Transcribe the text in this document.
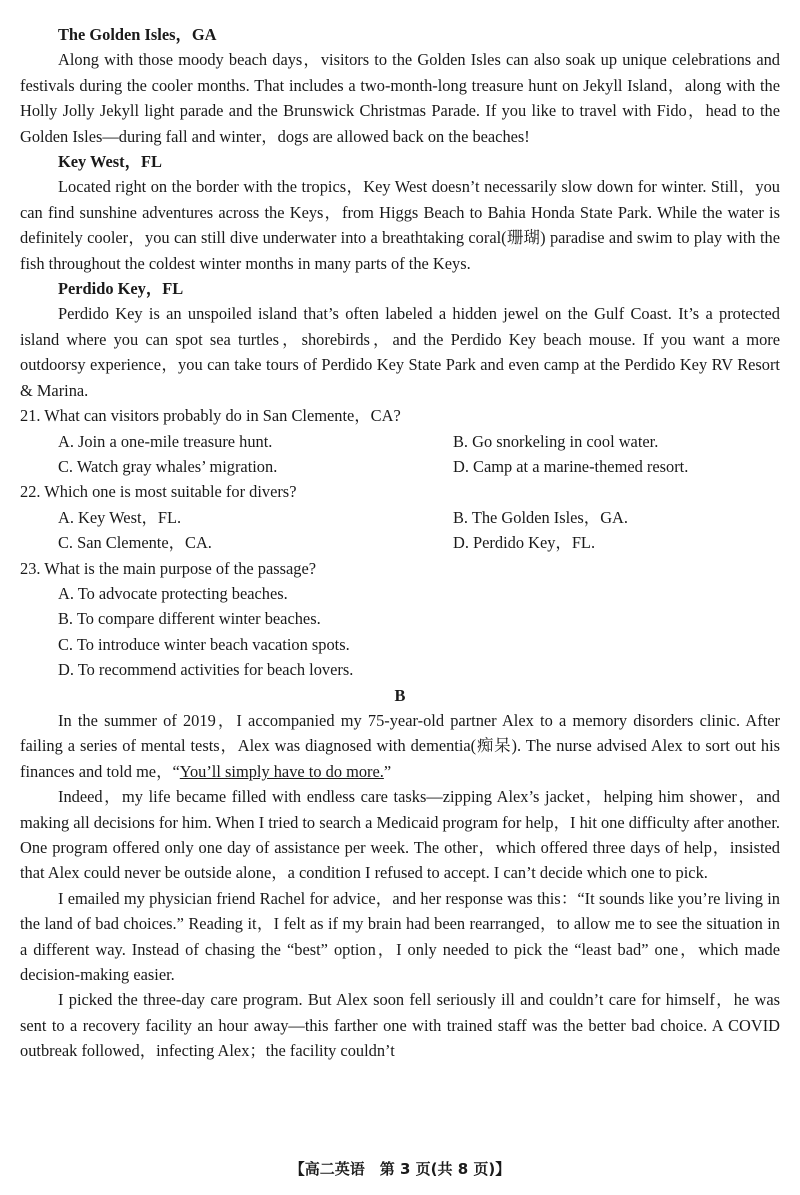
The Golden Isles，GA

Along with those moody beach days，visitors to the Golden Isles can also soak up unique celebrations and festivals during the cooler months. That includes a two-month-long treasure hunt on Jekyll Island，along with the Holly Jolly Jekyll light parade and the Brunswick Christmas Parade. If you like to travel with Fido，head to the Golden Isles—during fall and winter，dogs are allowed back on the beaches!

Key West，FL

Located right on the border with the tropics，Key West doesn’t necessarily slow down for winter. Still，you can find sunshine adventures across the Keys，from Higgs Beach to Bahia Honda State Park. While the water is definitely cooler，you can still dive underwater into a breathtaking coral(珊瑚) paradise and swim to play with the fish throughout the coldest winter months in many parts of the Keys.

Perdido Key，FL

Perdido Key is an unspoiled island that’s often labeled a hidden jewel on the Gulf Coast. It’s a protected island where you can spot sea turtles，shorebirds，and the Perdido Key beach mouse. If you want a more outdoorsy experience，you can take tours of Perdido Key State Park and even camp at the Perdido Key RV Resort & Marina.

21. What can visitors probably do in San Clemente，CA?

A. Join a one-mile treasure hunt.	B. Go snorkeling in cool water.
C. Watch gray whales’ migration.	D. Camp at a marine-themed resort.

22. Which one is most suitable for divers?

A. Key West，FL.	B. The Golden Isles，GA.
C. San Clemente，CA.	D. Perdido Key，FL.

23. What is the main purpose of the passage?

A. To advocate protecting beaches.
B. To compare different winter beaches.
C. To introduce winter beach vacation spots.
D. To recommend activities for beach lovers.
B

In the summer of 2019，I accompanied my 75-year-old partner Alex to a memory disorders clinic. After failing a series of mental tests，Alex was diagnosed with dementia(痴呆). The nurse advised Alex to sort out his finances and told me，“You’ll simply have to do more.”

Indeed，my life became filled with endless care tasks—zipping Alex’s jacket，helping him shower，and making all decisions for him. When I tried to search a Medicaid program for help，I hit one difficulty after another. One program offered only one day of assistance per week. The other，which offered three days of help，insisted that Alex could never be outside alone，a condition I refused to accept. I can’t decide which one to pick.

I emailed my physician friend Rachel for advice，and her response was this：“It sounds like you’re living in the land of bad choices.” Reading it，I felt as if my brain had been rearranged，to allow me to see the situation in a different way. Instead of chasing the “best” option，I only needed to pick the “least bad” one，which made decision-making easier.

I picked the three-day care program. But Alex soon fell seriously ill and couldn’t care for himself，he was sent to a recovery facility an hour away—this farther one with trained staff was the better bad choice. A COVID outbreak followed，infecting Alex；the facility couldn’t

【高二英语　第 3 页(共 8 页)】
